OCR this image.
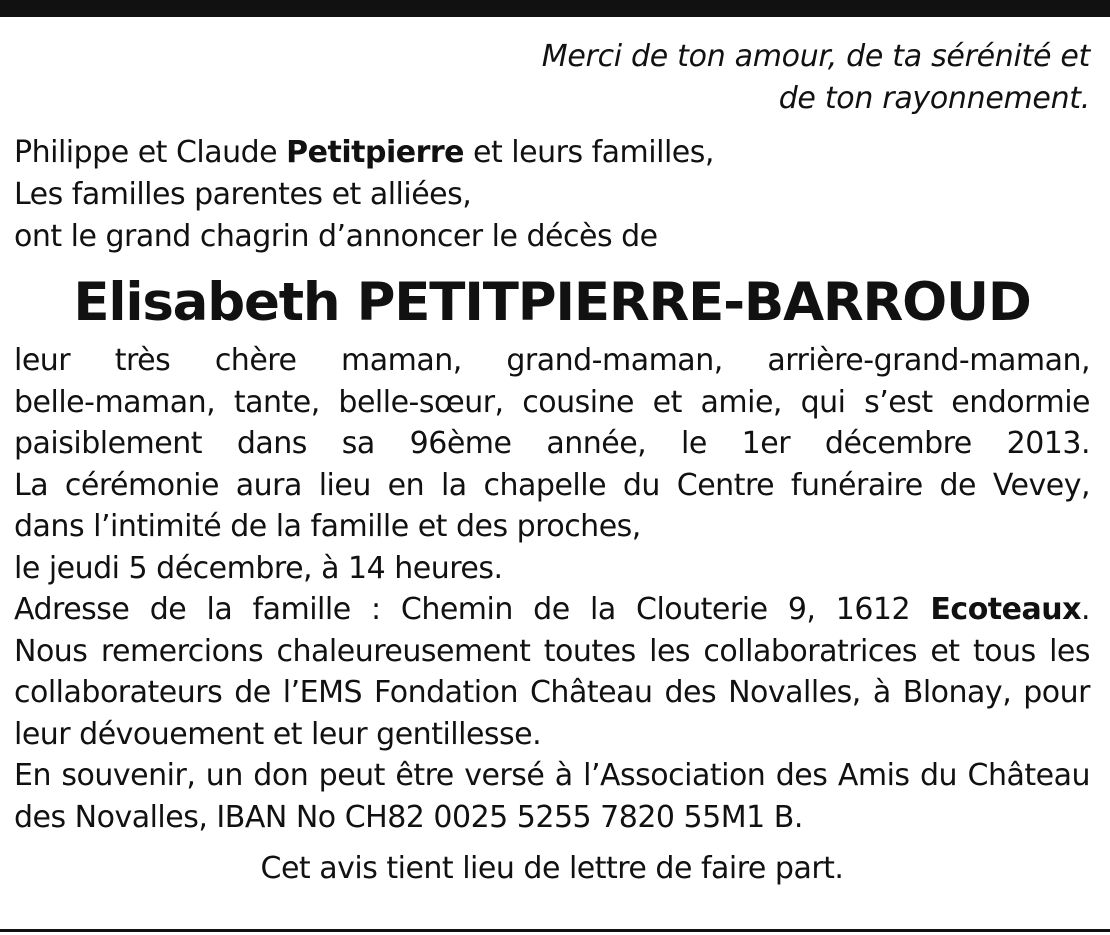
Merci de ton amour, de ta sérénité et
de ton rayonnement.
Philippe et Claude Petitpierre et leurs familles,
Les familles parentes et alliées,
ont le grand chagrin d’annoncer le décès de
Elisabeth PETITPIERRE-BARROUD
leur très chère maman, grand-maman, arrière-grand-maman,
belle-maman, tante, belle-sœur, cousine et amie, qui s’est endormie
paisiblement dans sa 96ème année, le 1er décembre 2013.
La cérémonie aura lieu en la chapelle du Centre funéraire de Vevey,
dans l’intimité de la famille et des proches,
le jeudi 5 décembre, à 14 heures.
Adresse de la famille : Chemin de la Clouterie 9, 1612 Ecoteaux.
Nous remercions chaleureusement toutes les collaboratrices et tous les
collaborateurs de l’EMS Fondation Château des Novalles, à Blonay, pour
leur dévouement et leur gentillesse.
En souvenir, un don peut être versé à l’Association des Amis du Château
des Novalles, IBAN No CH82 0025 5255 7820 55M1 B.
Cet avis tient lieu de lettre de faire part.
